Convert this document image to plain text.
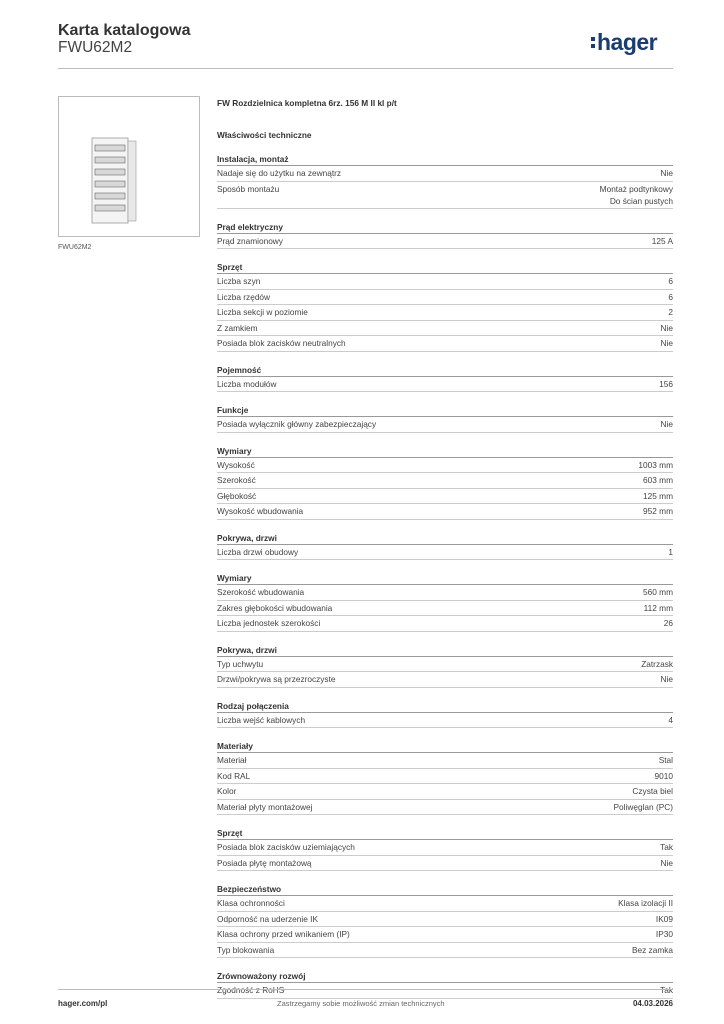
Karta katalogowa
FWU62M2	hager
FWU62M2
FW Rozdzielnica kompletna 6rz. 156 M II kl p/t
Właściwości techniczne
Instalacja, montaż
Nadaje się do użytku na zewnątrz	Nie
Sposób montażu	Montaż podtynkowy
Do ścian pustych
Prąd elektryczny
Prąd znamionowy	125 A
Sprzęt
Liczba szyn	6
Liczba rzędów	6
Liczba sekcji w poziomie	2
Z zamkiem	Nie
Posiada blok zacisków neutralnych	Nie
Pojemność
Liczba modułów	156
Funkcje
Posiada wyłącznik główny zabezpieczający	Nie
Wymiary
Wysokość	1003 mm
Szerokość	603 mm
Głębokość	125 mm
Wysokość wbudowania	952 mm
Pokrywa, drzwi
Liczba drzwi obudowy	1
Wymiary
Szerokość wbudowania	560 mm
Zakres głębokości wbudowania	112 mm
Liczba jednostek szerokości	26
Pokrywa, drzwi
Typ uchwytu	Zatrzask
Drzwi/pokrywa są przezroczyste	Nie
Rodzaj połączenia
Liczba wejść kablowych	4
Materiały
Materiał	Stal
Kod RAL	9010
Kolor	Czysta biel
Materiał płyty montażowej	Poliwęglan (PC)
Sprzęt
Posiada blok zacisków uziemiających	Tak
Posiada płytę montażową	Nie
Bezpieczeństwo
Klasa ochronności	Klasa izolacji II
Odporność na uderzenie IK	IK09
Klasa ochrony przed wnikaniem (IP)	IP30
Typ blokowania	Bez zamka
Zrównoważony rozwój
Zgodność z RoHS	Tak
hager.com/pl	Zastrzegamy sobie możliwość zmian technicznych	04.03.2026
